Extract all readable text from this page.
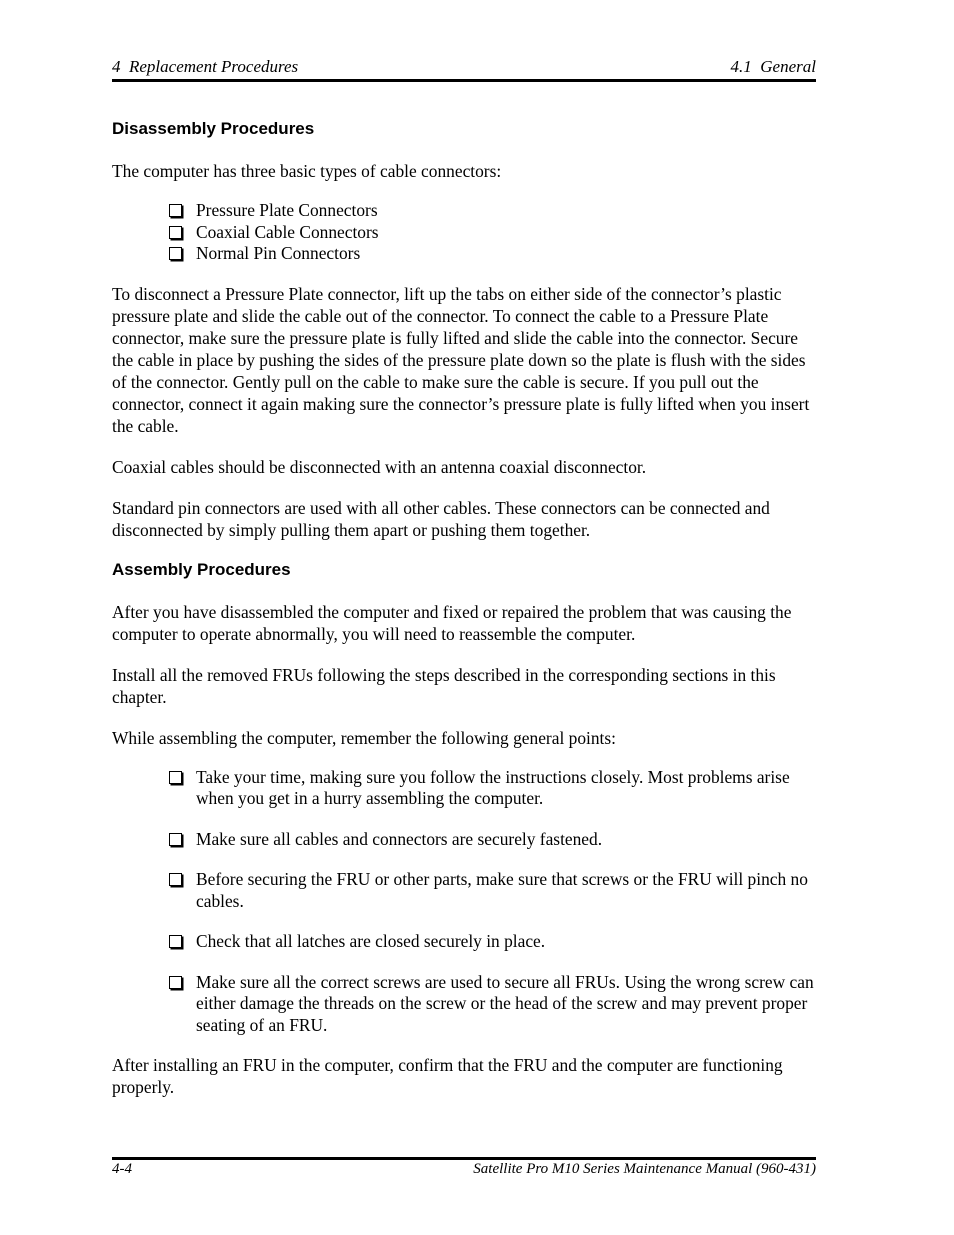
4  Replacement Procedures	4.1  General
Disassembly Procedures

The computer has three basic types of cable connectors:

Pressure Plate Connectors
Coaxial Cable Connectors
Normal Pin Connectors

To disconnect a Pressure Plate connector, lift up the tabs on either side of the connector’s plastic pressure plate and slide the cable out of the connector. To connect the cable to a Pressure Plate connector, make sure the pressure plate is fully lifted and slide the cable into the connector. Secure the cable in place by pushing the sides of the pressure plate down so the plate is flush with the sides of the connector. Gently pull on the cable to make sure the cable is secure. If you pull out the connector, connect it again making sure the connector’s pressure plate is fully lifted when you insert the cable.

Coaxial cables should be disconnected with an antenna coaxial disconnector.

Standard pin connectors are used with all other cables. These connectors can be connected and disconnected by simply pulling them apart or pushing them together.

Assembly Procedures

After you have disassembled the computer and fixed or repaired the problem that was causing the computer to operate abnormally, you will need to reassemble the computer.

Install all the removed FRUs following the steps described in the corresponding sections in this chapter.

While assembling the computer, remember the following general points:

Take your time, making sure you follow the instructions closely. Most problems arise when you get in a hurry assembling the computer.
Make sure all cables and connectors are securely fastened.
Before securing the FRU or other parts, make sure that screws or the FRU will pinch no cables.
Check that all latches are closed securely in place.
Make sure all the correct screws are used to secure all FRUs. Using the wrong screw can either damage the threads on the screw or the head of the screw and may prevent proper seating of an FRU.

After installing an FRU in the computer, confirm that the FRU and the computer are functioning properly.

4-4	Satellite Pro M10 Series Maintenance Manual (960-431)
